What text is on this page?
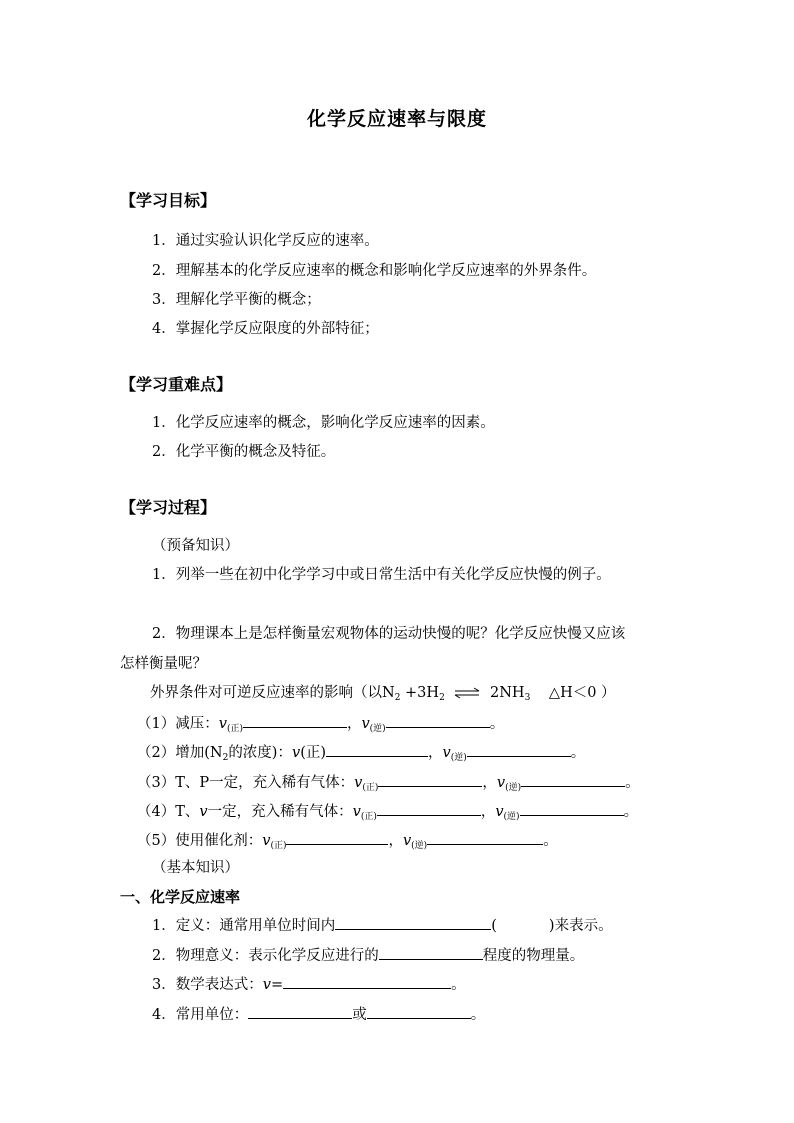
化学反应速率与限度
【学习目标】
1．通过实验认识化学反应的速率。
2．理解基本的化学反应速率的概念和影响化学反应速率的外界条件。
3．理解化学平衡的概念；
4．掌握化学反应限度的外部特征；
【学习重难点】
1．化学反应速率的概念，影响化学反应速率的因素。
2．化学平衡的概念及特征。
【学习过程】
（预备知识）
1．列举一些在初中化学学习中或日常生活中有关化学反应快慢的例子。
2．物理课本上是怎样衡量宏观物体的运动快慢的呢？化学反应快慢又应该
怎样衡量呢？
外界条件对可逆反应速率的影响（以$N_2 +3H_2$ ⇌ $2NH_3$ △H＜0 ）
（1）减压：$v_{(正)}$	，$v_{(逆)}$	。
（2）增加($N_2$的浓度)：v(正)	，$v_{(逆)}$	。
（3）T、P一定，充入稀有气体：$v_{(正)}$	，$v_{(逆)}$	。
（4）T、v一定，充入稀有气体：$v_{(正)}$	，$v_{(逆)}$	。
（5）使用催化剂：$v_{(正)}$	，$v_{(逆)}$	。
（基本知识）
一、化学反应速率
1．定义：通常用单位时间内	(	)来表示。
2．物理意义：表示化学反应进行的	程度的物理量。
3．数学表达式：v=	。
4．常用单位：	或	。
